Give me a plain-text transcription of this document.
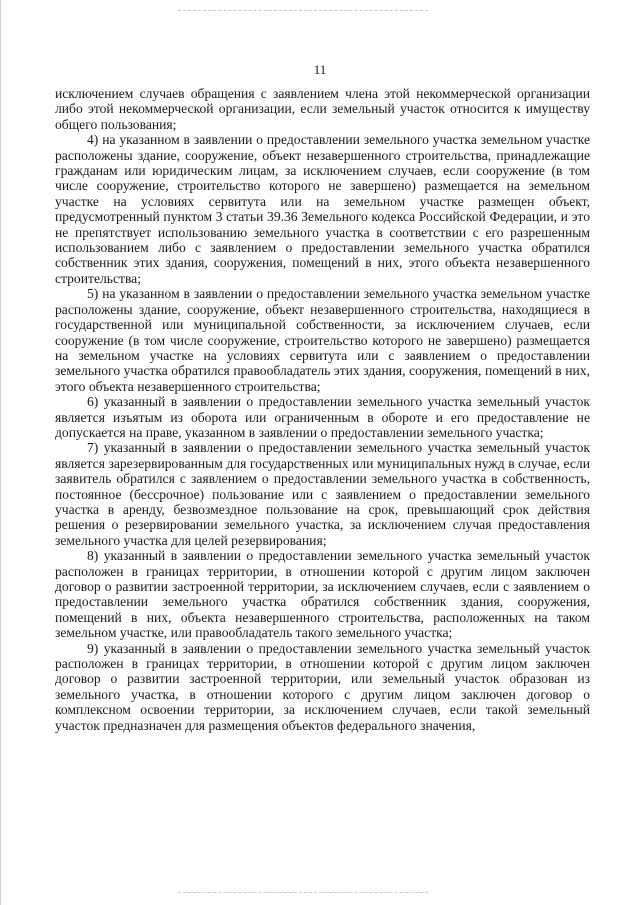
11

исключением случаев обращения с заявлением члена этой некоммерческой организации либо этой некоммерческой организации, если земельный участок относится к имуществу общего пользования;

4) на указанном в заявлении о предоставлении земельного участка земельном участке расположены здание, сооружение, объект незавершенного строительства, принадлежащие гражданам или юридическим лицам, за исключением случаев, если сооружение (в том числе сооружение, строительство которого не завершено) размещается на земельном участке на условиях сервитута или на земельном участке размещен объект, предусмотренный пунктом 3 статьи 39.36 Земельного кодекса Российской Федерации, и это не препятствует использованию земельного участка в соответствии с его разрешенным использованием либо с заявлением о предоставлении земельного участка обратился собственник этих здания, сооружения, помещений в них, этого объекта незавершенного строительства;

5) на указанном в заявлении о предоставлении земельного участка земельном участке расположены здание, сооружение, объект незавершенного строительства, находящиеся в государственной или муниципальной собственности, за исключением случаев, если сооружение (в том числе сооружение, строительство которого не завершено) размещается на земельном участке на условиях сервитута или с заявлением о предоставлении земельного участка обратился правообладатель этих здания, сооружения, помещений в них, этого объекта незавершенного строительства;

6) указанный в заявлении о предоставлении земельного участка земельный участок является изъятым из оборота или ограниченным в обороте и его предоставление не допускается на праве, указанном в заявлении о предоставлении земельного участка;

7) указанный в заявлении о предоставлении земельного участка земельный участок является зарезервированным для государственных или муниципальных нужд в случае, если заявитель обратился с заявлением о предоставлении земельного участка в собственность, постоянное (бессрочное) пользование или с заявлением о предоставлении земельного участка в аренду, безвозмездное пользование на срок, превышающий срок действия решения о резервировании земельного участка, за исключением случая предоставления земельного участка для целей резервирования;

8) указанный в заявлении о предоставлении земельного участка земельный участок расположен в границах территории, в отношении которой с другим лицом заключен договор о развитии застроенной территории, за исключением случаев, если с заявлением о предоставлении земельного участка обратился собственник здания, сооружения, помещений в них, объекта незавершенного строительства, расположенных на таком земельном участке, или правообладатель такого земельного участка;

9) указанный в заявлении о предоставлении земельного участка земельный участок расположен в границах территории, в отношении которой с другим лицом заключен договор о развитии застроенной территории, или земельный участок образован из земельного участка, в отношении которого с другим лицом заключен договор о комплексном освоении территории, за исключением случаев, если такой земельный участок предназначен для размещения объектов федерального значения,
